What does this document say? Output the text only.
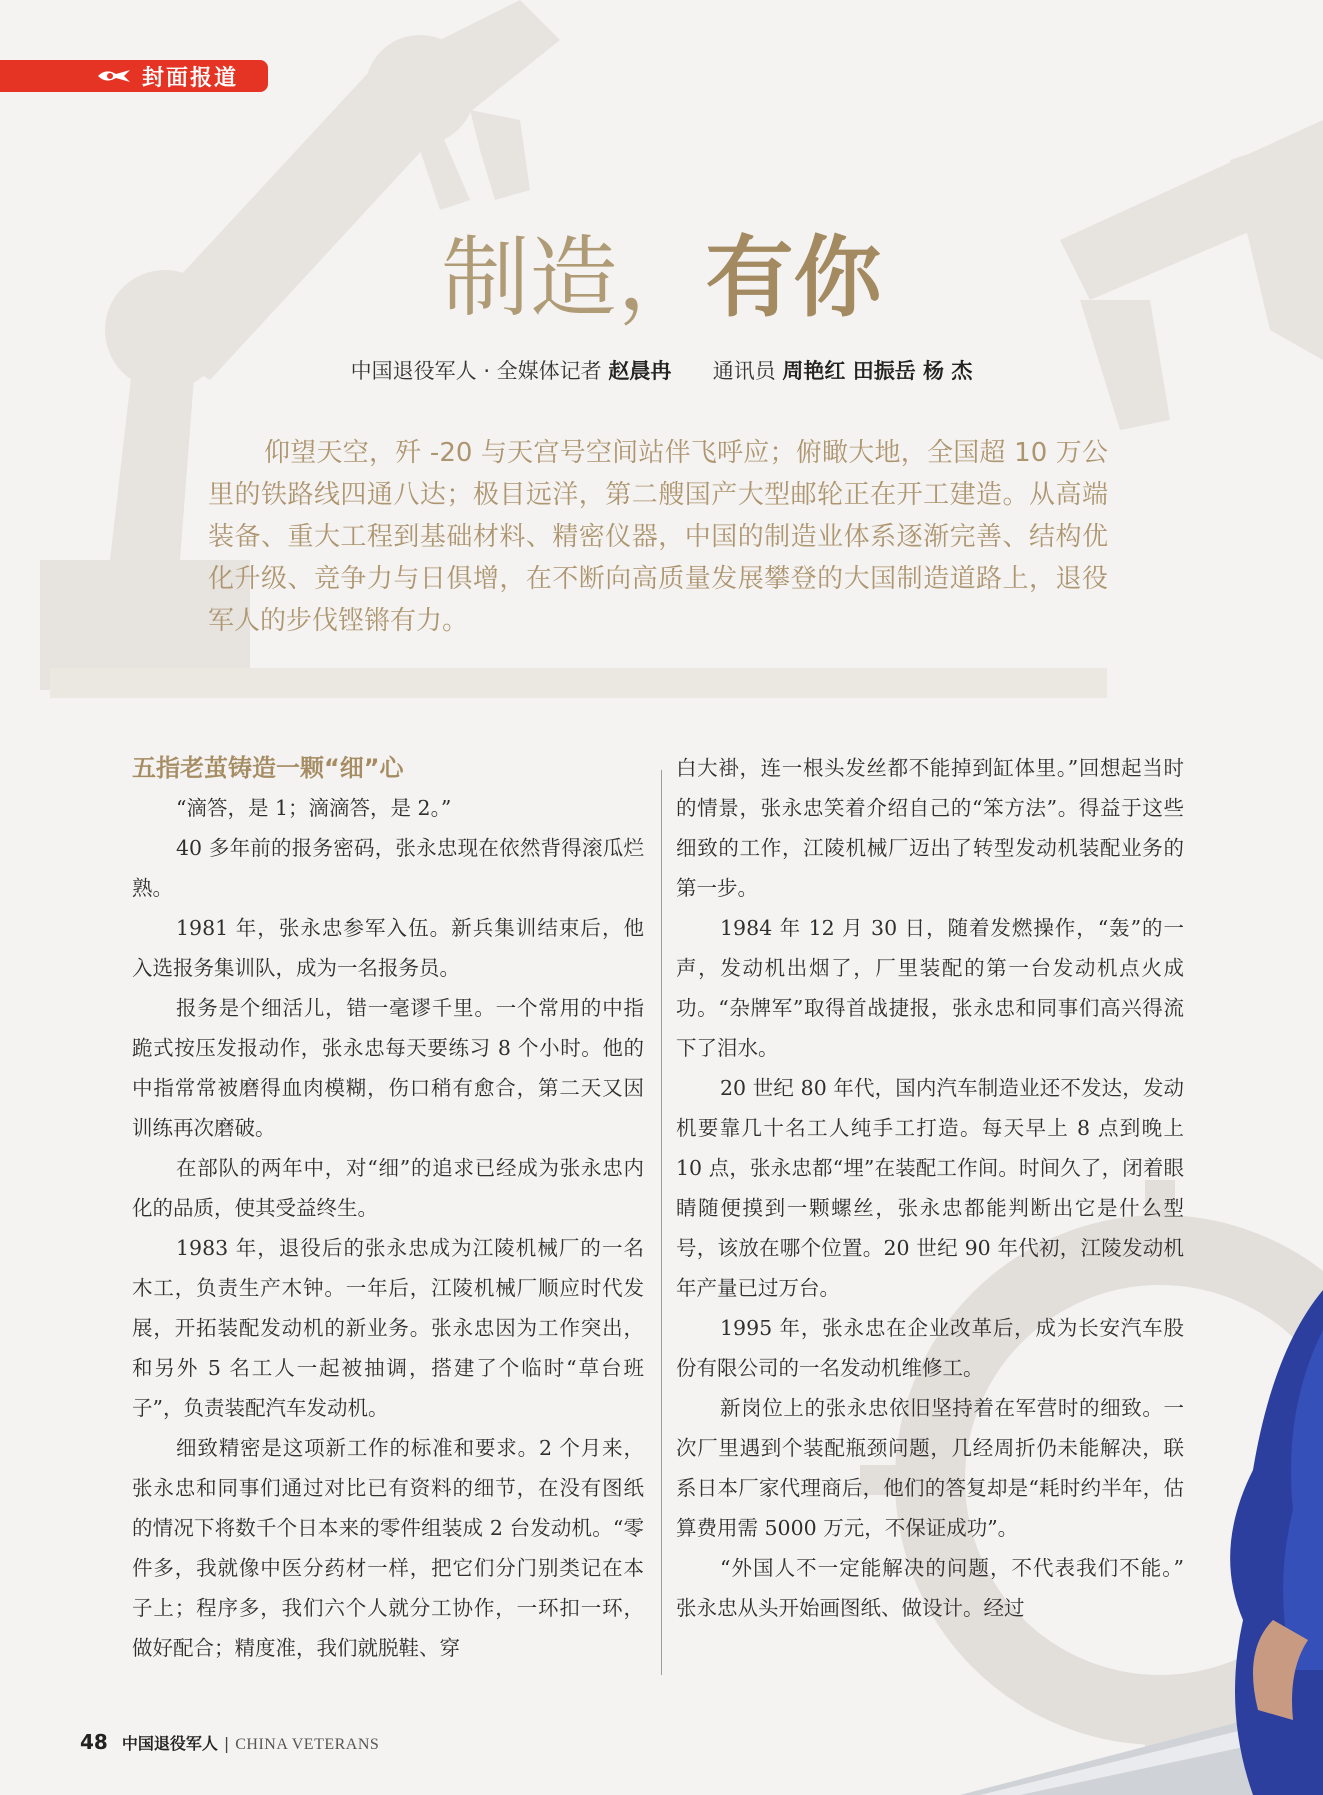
封面报道
制造，有你
中国退役军人 · 全媒体记者 赵晨冉 通讯员 周艳红 田振岳 杨 杰
仰望天空，歼 -20 与天宫号空间站伴飞呼应；俯瞰大地，全国超 10 万公里的铁路线四通八达；极目远洋，第二艘国产大型邮轮正在开工建造。从高端装备、重大工程到基础材料、精密仪器，中国的制造业体系逐渐完善、结构优化升级、竞争力与日俱增，在不断向高质量发展攀登的大国制造道路上，退役军人的步伐铿锵有力。

五指老茧铸造一颗“细”心

“滴答，是 1；滴滴答，是 2。”

40 多年前的报务密码，张永忠现在依然背得滚瓜烂熟。

1981 年，张永忠参军入伍。新兵集训结束后，他入选报务集训队，成为一名报务员。

报务是个细活儿，错一毫谬千里。一个常用的中指跪式按压发报动作，张永忠每天要练习 8 个小时。他的中指常常被磨得血肉模糊，伤口稍有愈合，第二天又因训练再次磨破。

在部队的两年中，对“细”的追求已经成为张永忠内化的品质，使其受益终生。

1983 年，退役后的张永忠成为江陵机械厂的一名木工，负责生产木钟。一年后，江陵机械厂顺应时代发展，开拓装配发动机的新业务。张永忠因为工作突出，和另外 5 名工人一起被抽调，搭建了个临时“草台班子”，负责装配汽车发动机。

细致精密是这项新工作的标准和要求。2 个月来，张永忠和同事们通过对比已有资料的细节，在没有图纸的情况下将数千个日本来的零件组装成 2 台发动机。“零件多，我就像中医分药材一样，把它们分门别类记在本子上；程序多，我们六个人就分工协作，一环扣一环，做好配合；精度准，我们就脱鞋、穿

白大褂，连一根头发丝都不能掉到缸体里。”回想起当时的情景，张永忠笑着介绍自己的“笨方法”。得益于这些细致的工作，江陵机械厂迈出了转型发动机装配业务的第一步。

1984 年 12 月 30 日，随着发燃操作，“轰”的一声，发动机出烟了，厂里装配的第一台发动机点火成功。“杂牌军”取得首战捷报，张永忠和同事们高兴得流下了泪水。

20 世纪 80 年代，国内汽车制造业还不发达，发动机要靠几十名工人纯手工打造。每天早上 8 点到晚上 10 点，张永忠都“埋”在装配工作间。时间久了，闭着眼睛随便摸到一颗螺丝，张永忠都能判断出它是什么型号，该放在哪个位置。20 世纪 90 年代初，江陵发动机年产量已过万台。

1995 年，张永忠在企业改革后，成为长安汽车股份有限公司的一名发动机维修工。

新岗位上的张永忠依旧坚持着在军营时的细致。一次厂里遇到个装配瓶颈问题，几经周折仍未能解决，联系日本厂家代理商后，他们的答复却是“耗时约半年，估算费用需 5000 万元，不保证成功”。

“外国人不一定能解决的问题，不代表我们不能。” 张永忠从头开始画图纸、做设计。经过

48 中国退役军人 | CHINA VETERANS
